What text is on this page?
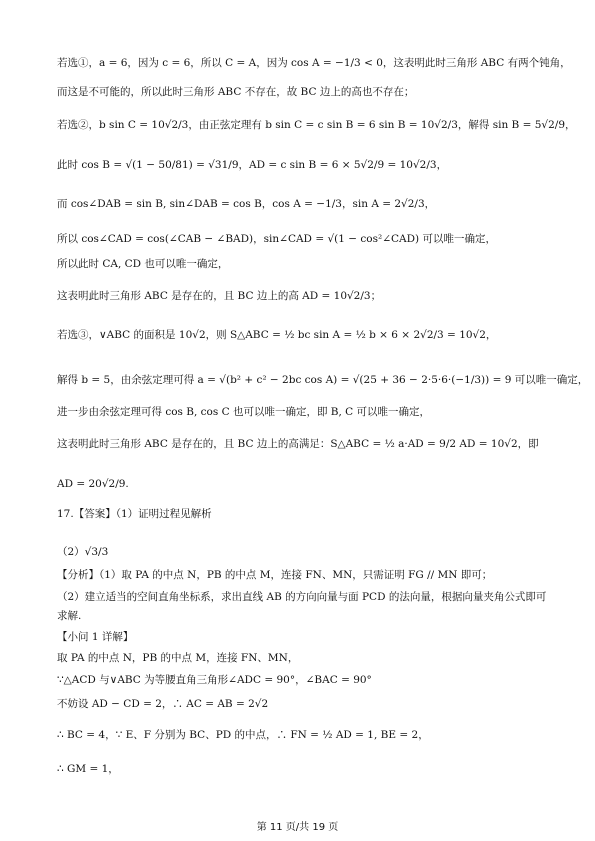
若选①，a = 6，因为 c = 6，所以 C = A，因为 cos A = −1/3 < 0，这表明此时三角形 ABC 有两个钝角，
而这是不可能的，所以此时三角形 ABC 不存在，故 BC 边上的高也不存在；
若选②，b sin C = 10√2/3，由正弦定理有 b sin C = c sin B = 6 sin B = 10√2/3，解得 sin B = 5√2/9，
此时 cos B = √(1 − 50/81) = √31/9，AD = c sin B = 6 × 5√2/9 = 10√2/3，
而 cos∠DAB = sin B, sin∠DAB = cos B，cos A = −1/3，sin A = 2√2/3，
所以 cos∠CAD = cos(∠CAB − ∠BAD)，sin∠CAD = √(1 − cos²∠CAD) 可以唯一确定，
所以此时 CA, CD 也可以唯一确定，
这表明此时三角形 ABC 是存在的，且 BC 边上的高 AD = 10√2/3；
若选③，∨ABC 的面积是 10√2，则 S△ABC = ½ bc sin A = ½ b × 6 × 2√2/3 = 10√2，
解得 b = 5，由余弦定理可得 a = √(b² + c² − 2bc cos A) = √(25 + 36 − 2·5·6·(−1/3)) = 9 可以唯一确定，
进一步由余弦定理可得 cos B, cos C 也可以唯一确定，即 B, C 可以唯一确定，
这表明此时三角形 ABC 是存在的，且 BC 边上的高满足：S△ABC = ½ a·AD = 9/2 AD = 10√2，即
AD = 20√2/9.
17.【答案】（1）证明过程见解析
（2）√3/3
【分析】（1）取 PA 的中点 N，PB 的中点 M，连接 FN、MN，只需证明 FG // MN 即可；
（2）建立适当的空间直角坐标系，求出直线 AB 的方向向量与面 PCD 的法向量，根据向量夹角公式即可
求解.
【小问 1 详解】
取 PA 的中点 N，PB 的中点 M，连接 FN、MN，
∵△ACD 与∨ABC 为等腰直角三角形∠ADC = 90°，∠BAC = 90°
不妨设 AD − CD = 2，∴ AC = AB = 2√2
∴ BC = 4，∵ E、F 分别为 BC、PD 的中点，∴ FN = ½ AD = 1, BE = 2，
∴ GM = 1，
第 11 页/共 19 页
